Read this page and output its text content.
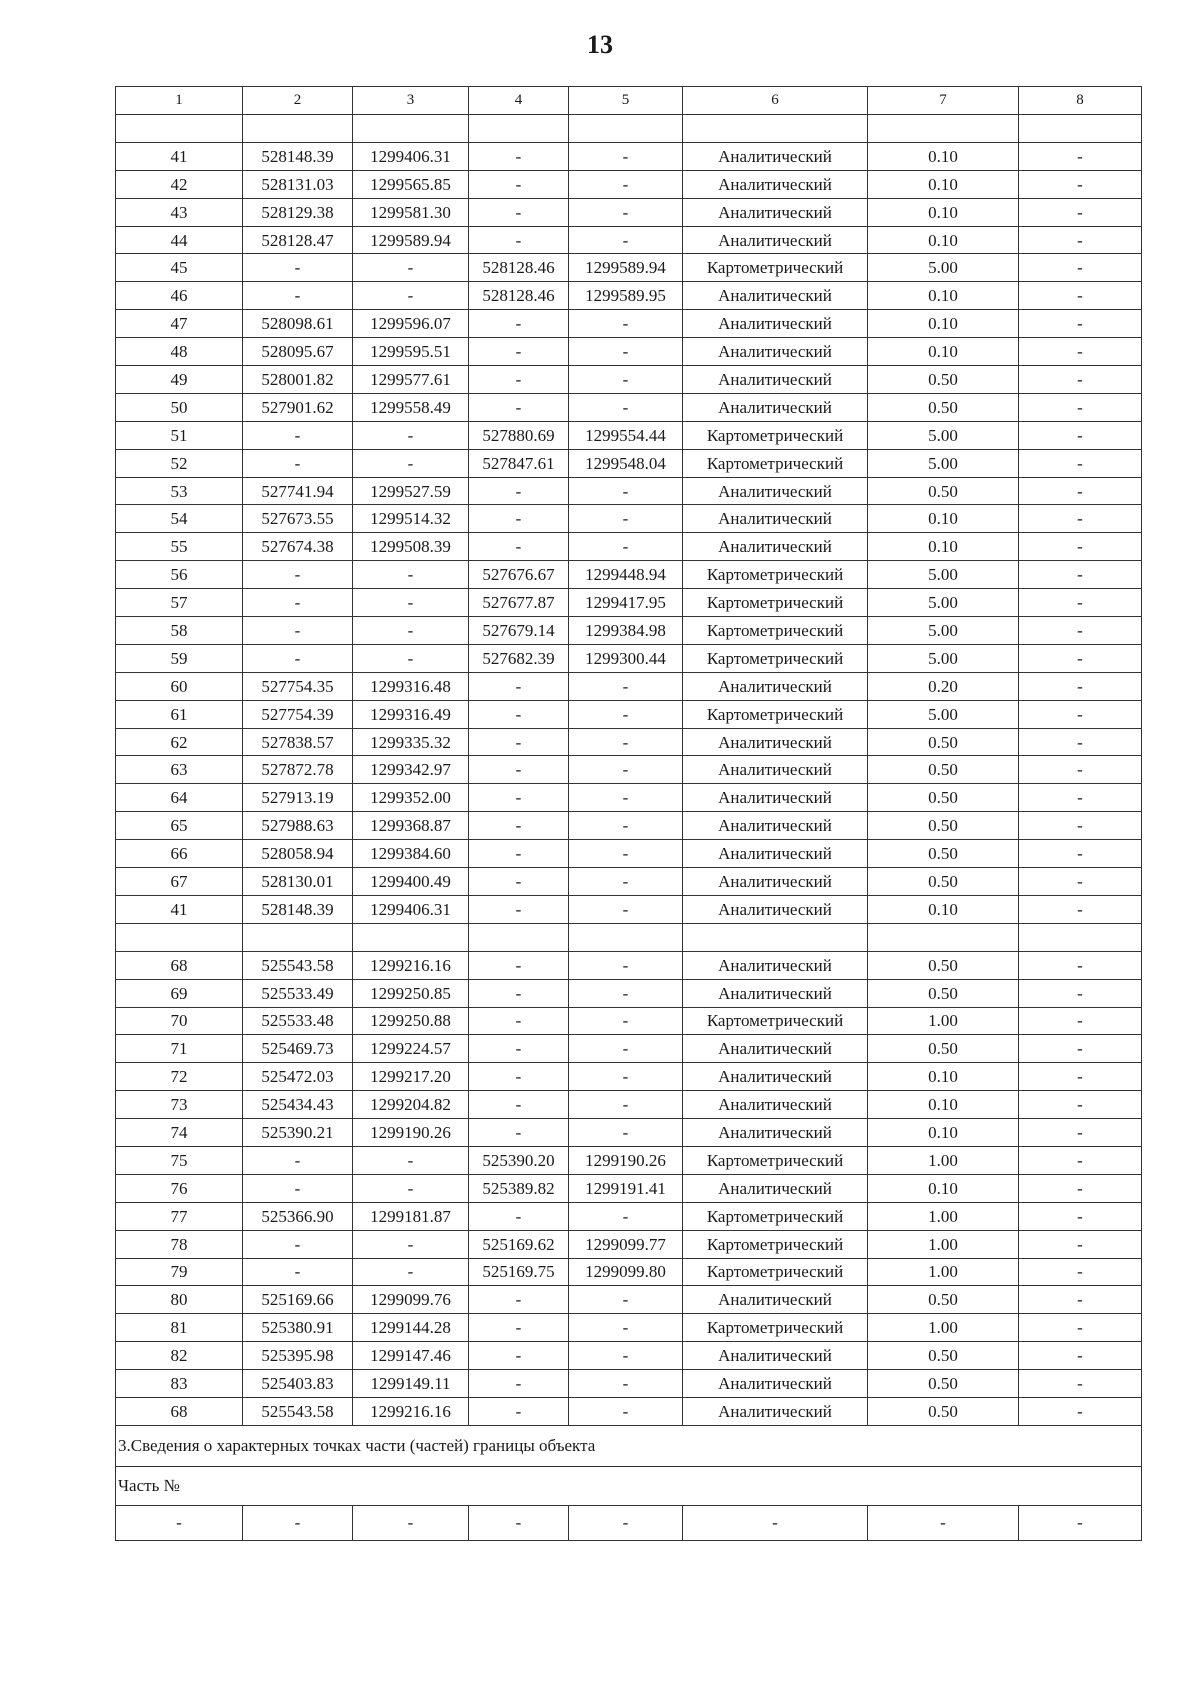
13
1	2	3	4	5	6	7	8

41	528148.39	1299406.31	-	-	Аналитический	0.10	-
42	528131.03	1299565.85	-	-	Аналитический	0.10	-
43	528129.38	1299581.30	-	-	Аналитический	0.10	-
44	528128.47	1299589.94	-	-	Аналитический	0.10	-
45	-	-	528128.46	1299589.94	Картометрический	5.00	-
46	-	-	528128.46	1299589.95	Аналитический	0.10	-
47	528098.61	1299596.07	-	-	Аналитический	0.10	-
48	528095.67	1299595.51	-	-	Аналитический	0.10	-
49	528001.82	1299577.61	-	-	Аналитический	0.50	-
50	527901.62	1299558.49	-	-	Аналитический	0.50	-
51	-	-	527880.69	1299554.44	Картометрический	5.00	-
52	-	-	527847.61	1299548.04	Картометрический	5.00	-
53	527741.94	1299527.59	-	-	Аналитический	0.50	-
54	527673.55	1299514.32	-	-	Аналитический	0.10	-
55	527674.38	1299508.39	-	-	Аналитический	0.10	-
56	-	-	527676.67	1299448.94	Картометрический	5.00	-
57	-	-	527677.87	1299417.95	Картометрический	5.00	-
58	-	-	527679.14	1299384.98	Картометрический	5.00	-
59	-	-	527682.39	1299300.44	Картометрический	5.00	-
60	527754.35	1299316.48	-	-	Аналитический	0.20	-
61	527754.39	1299316.49	-	-	Картометрический	5.00	-
62	527838.57	1299335.32	-	-	Аналитический	0.50	-
63	527872.78	1299342.97	-	-	Аналитический	0.50	-
64	527913.19	1299352.00	-	-	Аналитический	0.50	-
65	527988.63	1299368.87	-	-	Аналитический	0.50	-
66	528058.94	1299384.60	-	-	Аналитический	0.50	-
67	528130.01	1299400.49	-	-	Аналитический	0.50	-
41	528148.39	1299406.31	-	-	Аналитический	0.10	-

68	525543.58	1299216.16	-	-	Аналитический	0.50	-
69	525533.49	1299250.85	-	-	Аналитический	0.50	-
70	525533.48	1299250.88	-	-	Картометрический	1.00	-
71	525469.73	1299224.57	-	-	Аналитический	0.50	-
72	525472.03	1299217.20	-	-	Аналитический	0.10	-
73	525434.43	1299204.82	-	-	Аналитический	0.10	-
74	525390.21	1299190.26	-	-	Аналитический	0.10	-
75	-	-	525390.20	1299190.26	Картометрический	1.00	-
76	-	-	525389.82	1299191.41	Аналитический	0.10	-
77	525366.90	1299181.87	-	-	Картометрический	1.00	-
78	-	-	525169.62	1299099.77	Картометрический	1.00	-
79	-	-	525169.75	1299099.80	Картометрический	1.00	-
80	525169.66	1299099.76	-	-	Аналитический	0.50	-
81	525380.91	1299144.28	-	-	Картометрический	1.00	-
82	525395.98	1299147.46	-	-	Аналитический	0.50	-
83	525403.83	1299149.11	-	-	Аналитический	0.50	-
68	525543.58	1299216.16	-	-	Аналитический	0.50	-
3.Сведения о характерных точках части (частей) границы объекта							
Часть №							
-	-	-	-	-	-	-	-
